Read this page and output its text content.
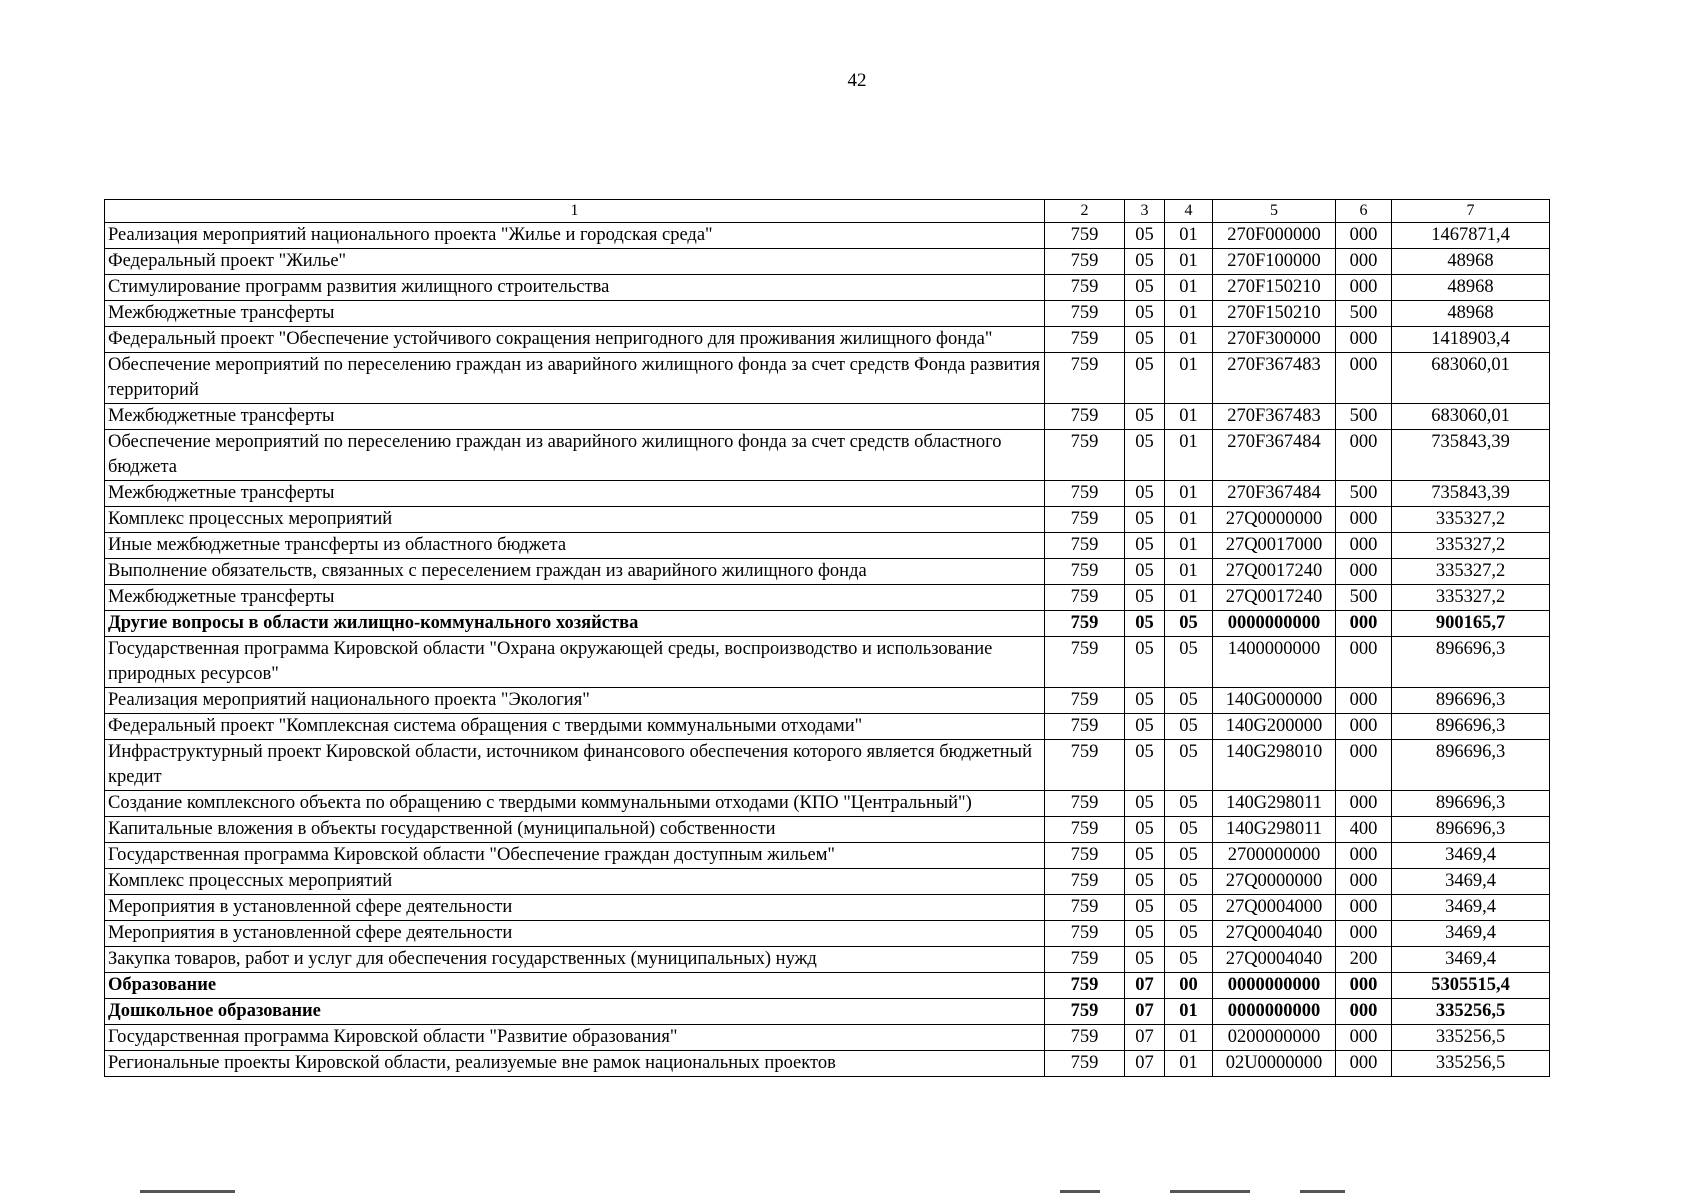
42
1	2	3	4	5	6	7
Реализация мероприятий национального проекта "Жилье и городская среда"	759	05	01	270F000000	000	1467871,4
Федеральный проект "Жилье"	759	05	01	270F100000	000	48968
Стимулирование программ развития жилищного строительства	759	05	01	270F150210	000	48968
Межбюджетные трансферты	759	05	01	270F150210	500	48968
Федеральный проект "Обеспечение устойчивого сокращения непригодного для проживания жилищного фонда"	759	05	01	270F300000	000	1418903,4
Обеспечение мероприятий по переселению граждан из аварийного жилищного фонда за счет средств Фонда развития территорий	759	05	01	270F367483	000	683060,01
Межбюджетные трансферты	759	05	01	270F367483	500	683060,01
Обеспечение мероприятий по переселению граждан из аварийного жилищного фонда за счет средств областного бюджета	759	05	01	270F367484	000	735843,39
Межбюджетные трансферты	759	05	01	270F367484	500	735843,39
Комплекс процессных мероприятий	759	05	01	27Q0000000	000	335327,2
Иные межбюджетные трансферты из областного бюджета	759	05	01	27Q0017000	000	335327,2
Выполнение обязательств, связанных с переселением граждан из аварийного жилищного фонда	759	05	01	27Q0017240	000	335327,2
Межбюджетные трансферты	759	05	01	27Q0017240	500	335327,2
Другие вопросы в области жилищно-коммунального хозяйства	759	05	05	0000000000	000	900165,7
Государственная программа Кировской области "Охрана окружающей среды, воспроизводство и использование природных ресурсов"	759	05	05	1400000000	000	896696,3
Реализация мероприятий национального проекта "Экология"	759	05	05	140G000000	000	896696,3
Федеральный проект "Комплексная система обращения с твердыми коммунальными отходами"	759	05	05	140G200000	000	896696,3
Инфраструктурный проект Кировской области, источником финансового обеспечения которого является бюджетный кредит	759	05	05	140G298010	000	896696,3
Создание комплексного объекта по обращению с твердыми коммунальными отходами (КПО "Центральный")	759	05	05	140G298011	000	896696,3
Капитальные вложения в объекты государственной (муниципальной) собственности	759	05	05	140G298011	400	896696,3
Государственная программа Кировской области "Обеспечение граждан доступным жильем"	759	05	05	2700000000	000	3469,4
Комплекс процессных мероприятий	759	05	05	27Q0000000	000	3469,4
Мероприятия в установленной сфере деятельности	759	05	05	27Q0004000	000	3469,4
Мероприятия в установленной сфере деятельности	759	05	05	27Q0004040	000	3469,4
Закупка товаров, работ и услуг для обеспечения государственных (муниципальных) нужд	759	05	05	27Q0004040	200	3469,4
Образование	759	07	00	0000000000	000	5305515,4
Дошкольное образование	759	07	01	0000000000	000	335256,5
Государственная программа Кировской области "Развитие образования"	759	07	01	0200000000	000	335256,5
Региональные проекты Кировской области, реализуемые вне рамок национальных проектов	759	07	01	02U0000000	000	335256,5
